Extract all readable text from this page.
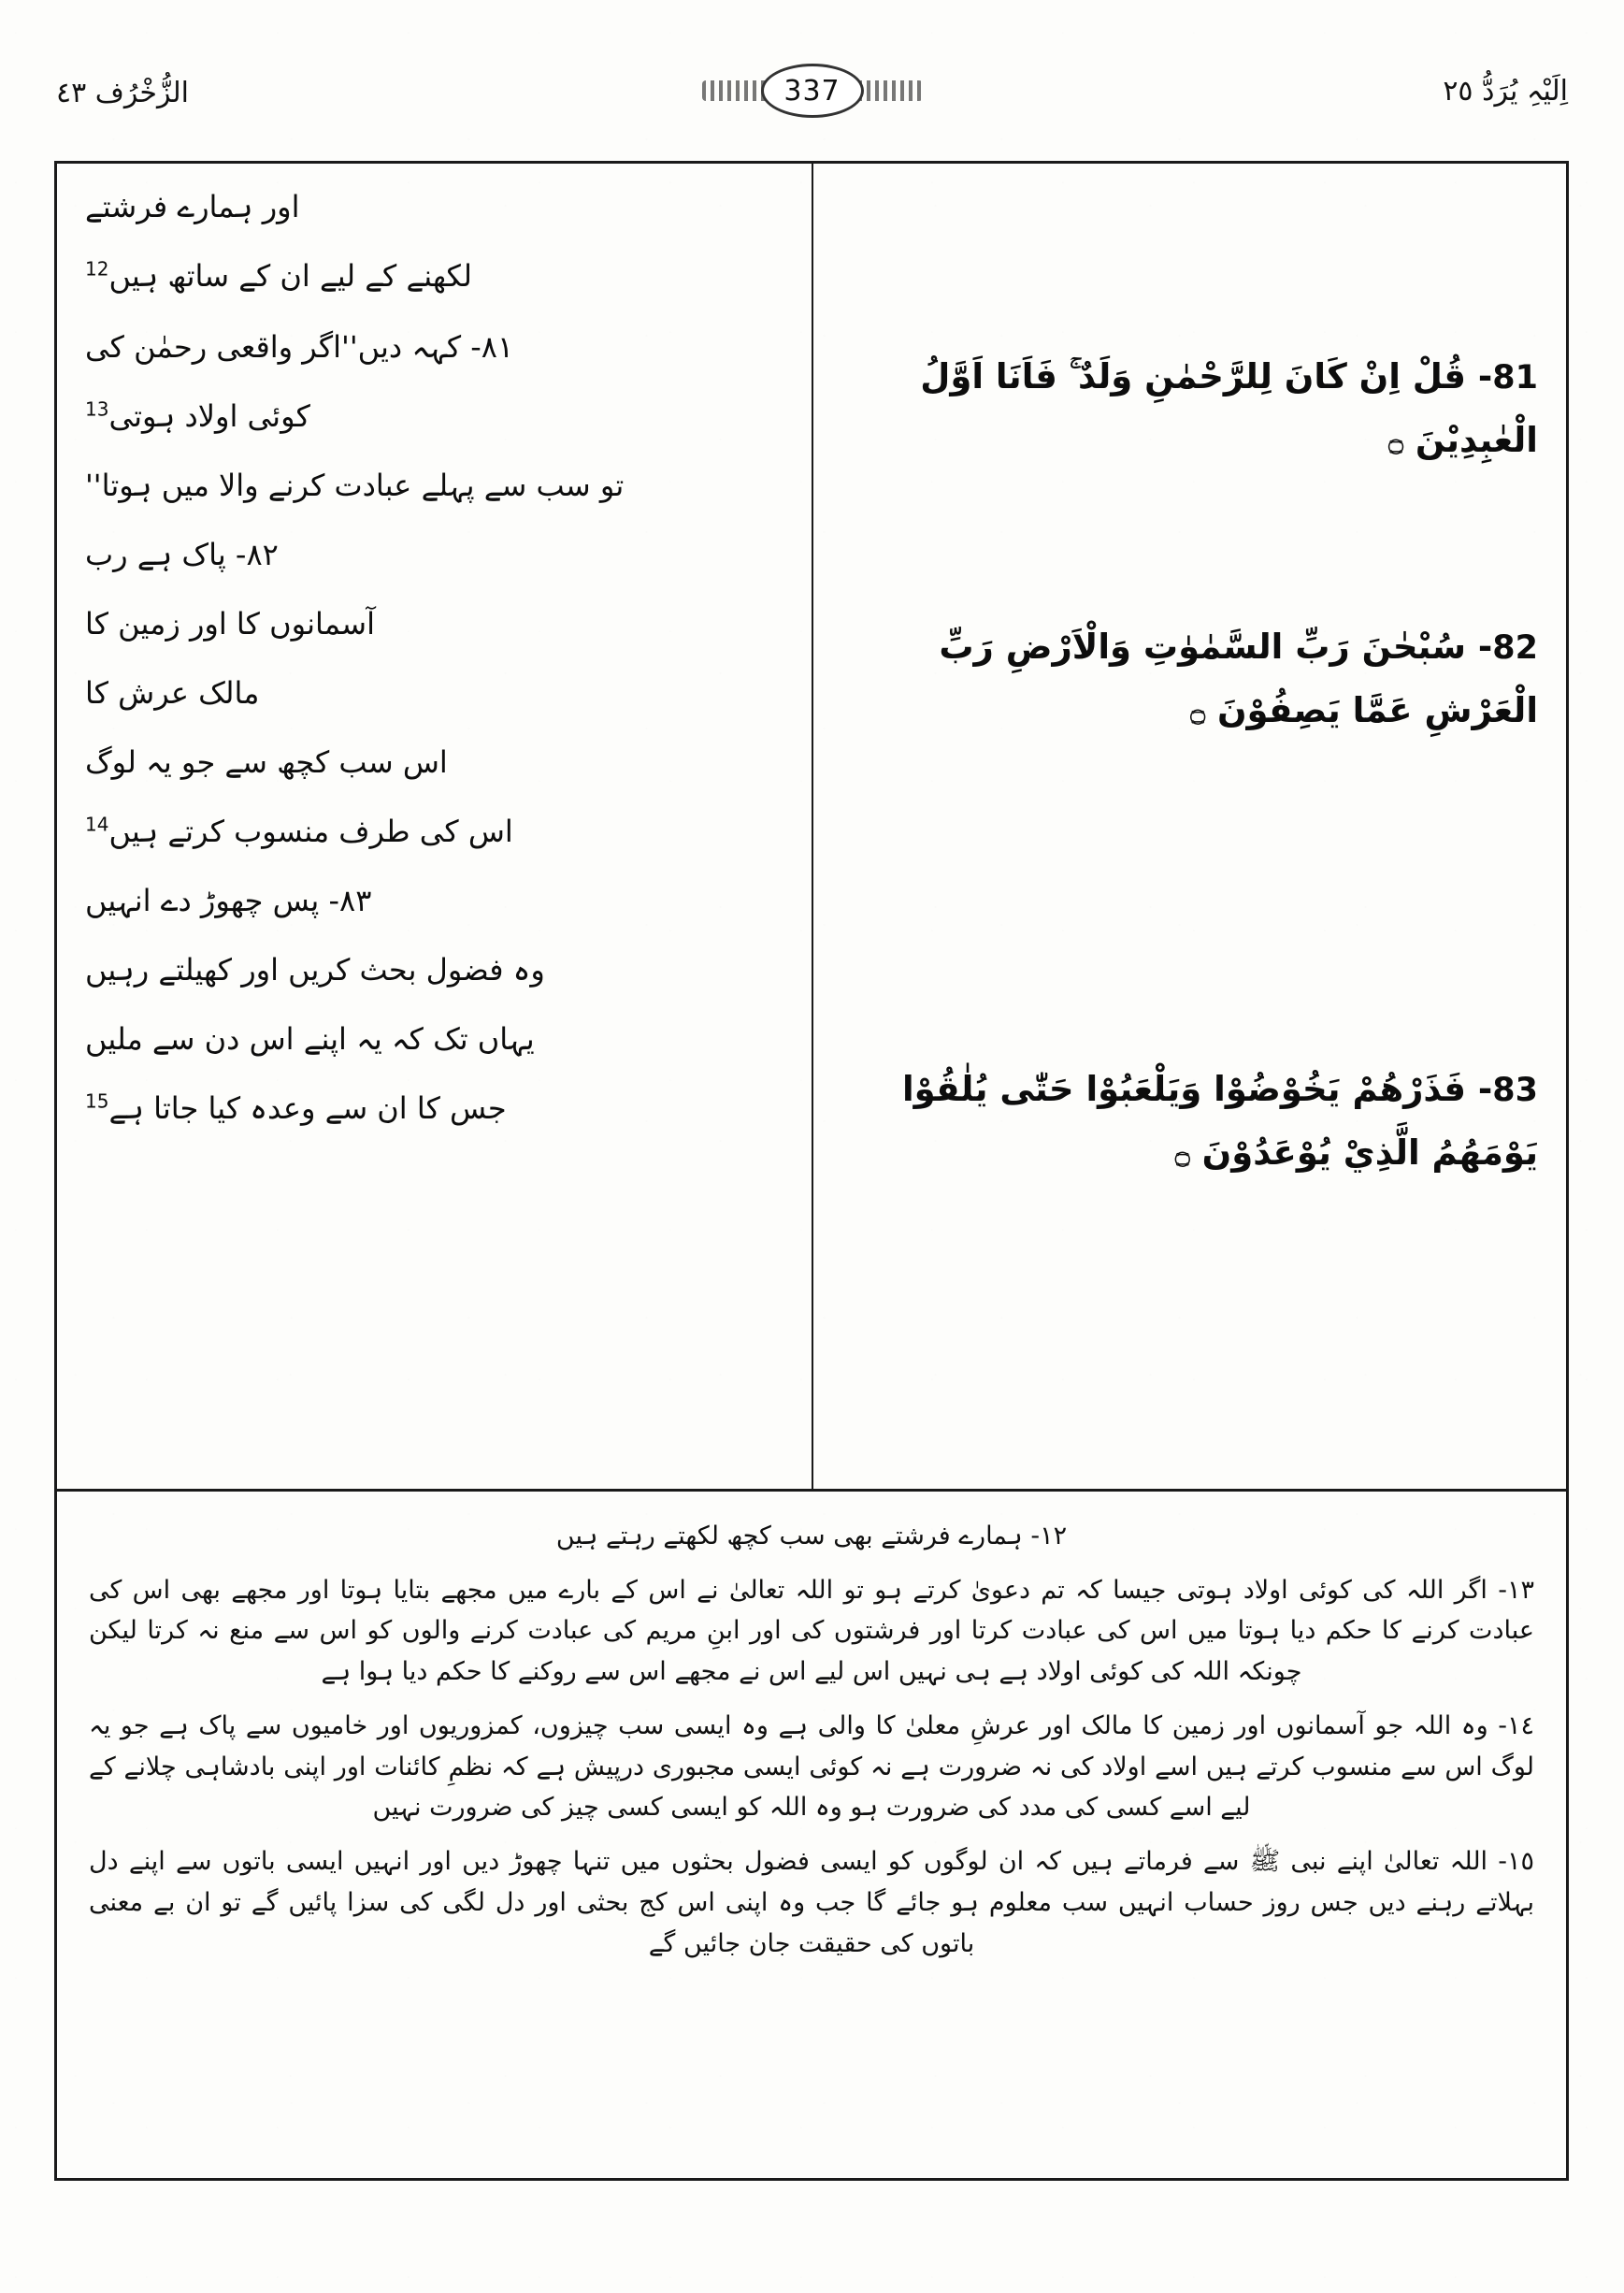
الزُّخْرُف ٤٣	337	اِلَیْہِ یُرَدُّ ٢٥
81- قُلْ اِنْ كَانَ لِلرَّحْمٰنِ وَلَدٌ ۚ فَاَنَا اَوَّلُ الْعٰبِدِيْنَ ۝
82- سُبْحٰنَ رَبِّ السَّمٰوٰتِ وَالْاَرْضِ رَبِّ الْعَرْشِ عَمَّا يَصِفُوْنَ ۝
83- فَذَرْهُمْ يَخُوْضُوْا وَيَلْعَبُوْا حَتّٰى يُلٰقُوْا يَوْمَهُمُ الَّذِيْ يُوْعَدُوْنَ ۝
اور ہمارے فرشتے
لکھنے کے لیے ان کے ساتھ ہیں$^{12}$
٨١- کہہ دیں''اگر واقعی رحمٰن کی
کوئی اولاد ہوتی$^{13}$
تو سب سے پہلے عبادت کرنے والا میں ہوتا''
٨٢- پاک ہے رب
آسمانوں کا اور زمین کا
مالک عرش کا
اس سب کچھ سے جو یہ لوگ
اس کی طرف منسوب کرتے ہیں$^{14}$
٨٣- پس چھوڑ دے انہیں
وہ فضول بحث کریں اور کھیلتے رہیں
یہاں تک کہ یہ اپنے اس دن سے ملیں
جس کا ان سے وعدہ کیا جاتا ہے$^{15}$
١٢- ہمارے فرشتے بھی سب کچھ لکھتے رہتے ہیں
١٣- اگر اللہ کی کوئی اولاد ہوتی جیسا کہ تم دعویٰ کرتے ہو تو اللہ تعالیٰ نے اس کے بارے میں مجھے بتایا ہوتا اور مجھے بھی اس کی عبادت کرنے کا حکم دیا ہوتا میں اس کی عبادت کرتا اور فرشتوں کی اور ابنِ مریم کی عبادت کرنے والوں کو اس سے منع نہ کرتا لیکن چونکہ اللہ کی کوئی اولاد ہے ہی نہیں اس لیے اس نے مجھے اس سے روکنے کا حکم دیا ہوا ہے
١٤- وہ اللہ جو آسمانوں اور زمین کا مالک اور عرشِ معلیٰ کا والی ہے وہ ایسی سب چیزوں، کمزوریوں اور خامیوں سے پاک ہے جو یہ لوگ اس سے منسوب کرتے ہیں اسے اولاد کی نہ ضرورت ہے نہ کوئی ایسی مجبوری درپیش ہے کہ نظمِ کائنات اور اپنی بادشاہی چلانے کے لیے اسے کسی کی مدد کی ضرورت ہو وہ اللہ کو ایسی کسی چیز کی ضرورت نہیں
١٥- اللہ تعالیٰ اپنے نبی ﷺ سے فرماتے ہیں کہ ان لوگوں کو ایسی فضول بحثوں میں تنہا چھوڑ دیں اور انہیں ایسی باتوں سے اپنے دل بہلاتے رہنے دیں جس روز حساب انہیں سب معلوم ہو جائے گا جب وہ اپنی اس کج بحثی اور دل لگی کی سزا پائیں گے تو ان بے معنی باتوں کی حقیقت جان جائیں گے
